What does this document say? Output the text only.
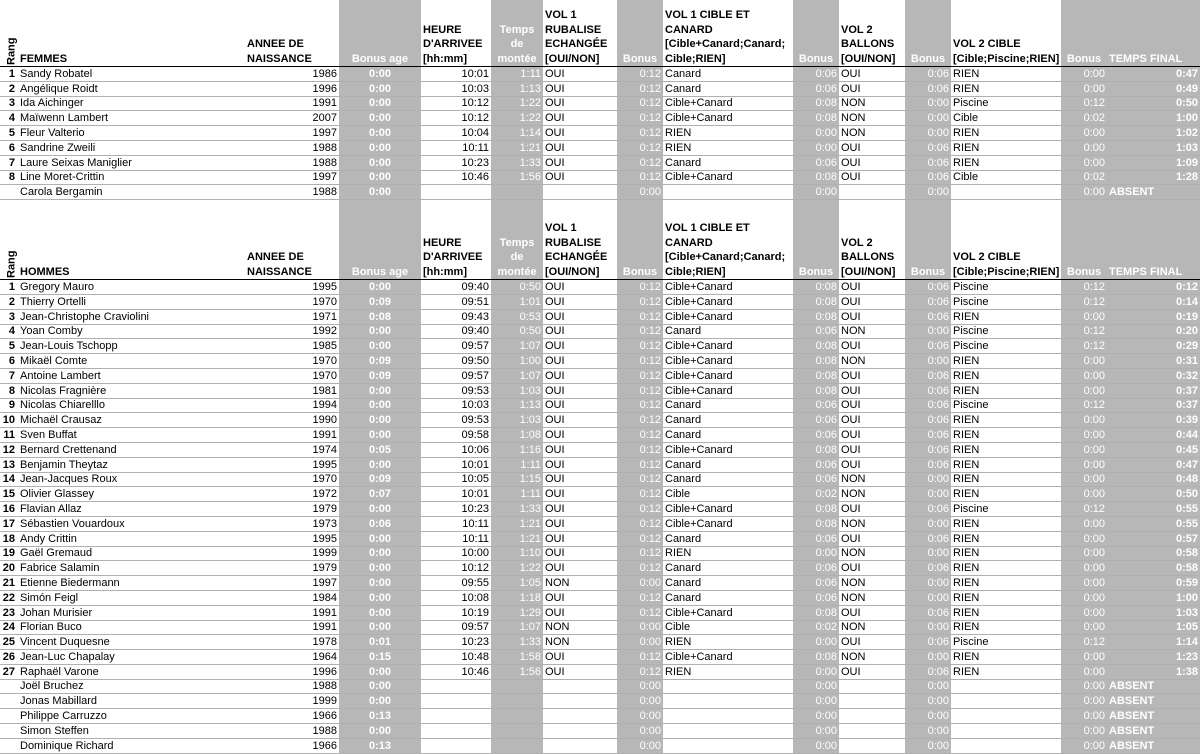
Rang	FEMMES	ANNEE DE NAISSANCE	Bonus age	HEURE D'ARRIVEE [hh:mm]	Temps de montée	VOL 1 RUBALISE ECHANGÉE [OUI/NON]	Bonus	VOL 1 CIBLE ET CANARD [Cible+Canard;Canard; Cible;RIEN]	Bonus	VOL 2 BALLONS [OUI/NON]	Bonus	VOL 2 CIBLE [Cible;Piscine;RIEN]	Bonus	TEMPS FINAL
1	Sandy Robatel	1986	0:00	10:01	1:11	OUI	0:12	Canard	0:06	OUI	0:06	RIEN	0:00	0:47
2	Angélique Roidt	1996	0:00	10:03	1:13	OUI	0:12	Canard	0:06	OUI	0:06	RIEN	0:00	0:49
3	Ida Aichinger	1991	0:00	10:12	1:22	OUI	0:12	Cible+Canard	0:08	NON	0:00	Piscine	0:12	0:50
4	Maïwenn Lambert	2007	0:00	10:12	1:22	OUI	0:12	Cible+Canard	0:08	NON	0:00	Cible	0:02	1:00
5	Fleur Valterio	1997	0:00	10:04	1:14	OUI	0:12	RIEN	0:00	NON	0:00	RIEN	0:00	1:02
6	Sandrine Zweili	1988	0:00	10:11	1:21	OUI	0:12	RIEN	0:00	OUI	0:06	RIEN	0:00	1:03
7	Laure Seixas Maniglier	1988	0:00	10:23	1:33	OUI	0:12	Canard	0:06	OUI	0:06	RIEN	0:00	1:09
8	Line Moret-Crittin	1997	0:00	10:46	1:56	OUI	0:12	Cible+Canard	0:08	OUI	0:06	Cible	0:02	1:28
	Carola Bergamin	1988	0:00				0:00		0:00		0:00		0:00	ABSENT

Rang	HOMMES	ANNEE DE NAISSANCE	Bonus age	HEURE D'ARRIVEE [hh:mm]	Temps de montée	VOL 1 RUBALISE ECHANGÉE [OUI/NON]	Bonus	VOL 1 CIBLE ET CANARD [Cible+Canard;Canard; Cible;RIEN]	Bonus	VOL 2 BALLONS [OUI/NON]	Bonus	VOL 2 CIBLE [Cible;Piscine;RIEN]	Bonus	TEMPS FINAL
1	Gregory Mauro	1995	0:00	09:40	0:50	OUI	0:12	Cible+Canard	0:08	OUI	0:06	Piscine	0:12	0:12
2	Thierry Ortelli	1970	0:09	09:51	1:01	OUI	0:12	Cible+Canard	0:08	OUI	0:06	Piscine	0:12	0:14
3	Jean-Christophe Craviolini	1971	0:08	09:43	0:53	OUI	0:12	Cible+Canard	0:08	OUI	0:06	RIEN	0:00	0:19
4	Yoan Comby	1992	0:00	09:40	0:50	OUI	0:12	Canard	0:06	NON	0:00	Piscine	0:12	0:20
5	Jean-Louis Tschopp	1985	0:00	09:57	1:07	OUI	0:12	Cible+Canard	0:08	OUI	0:06	Piscine	0:12	0:29
6	Mikaël Comte	1970	0:09	09:50	1:00	OUI	0:12	Cible+Canard	0:08	NON	0:00	RIEN	0:00	0:31
7	Antoine Lambert	1970	0:09	09:57	1:07	OUI	0:12	Cible+Canard	0:08	OUI	0:06	RIEN	0:00	0:32
8	Nicolas Fragnière	1981	0:00	09:53	1:03	OUI	0:12	Cible+Canard	0:08	OUI	0:06	RIEN	0:00	0:37
9	Nicolas Chiarelllo	1994	0:00	10:03	1:13	OUI	0:12	Canard	0:06	OUI	0:06	Piscine	0:12	0:37
10	Michaël Crausaz	1990	0:00	09:53	1:03	OUI	0:12	Canard	0:06	OUI	0:06	RIEN	0:00	0:39
11	Sven Buffat	1991	0:00	09:58	1:08	OUI	0:12	Canard	0:06	OUI	0:06	RIEN	0:00	0:44
12	Bernard Crettenand	1974	0:05	10:06	1:16	OUI	0:12	Cible+Canard	0:08	OUI	0:06	RIEN	0:00	0:45
13	Benjamin Theytaz	1995	0:00	10:01	1:11	OUI	0:12	Canard	0:06	OUI	0:06	RIEN	0:00	0:47
14	Jean-Jacques Roux	1970	0:09	10:05	1:15	OUI	0:12	Canard	0:06	NON	0:00	RIEN	0:00	0:48
15	Olivier Glassey	1972	0:07	10:01	1:11	OUI	0:12	Cible	0:02	NON	0:00	RIEN	0:00	0:50
16	Flavian Allaz	1979	0:00	10:23	1:33	OUI	0:12	Cible+Canard	0:08	OUI	0:06	Piscine	0:12	0:55
17	Sébastien Vouardoux	1973	0:06	10:11	1:21	OUI	0:12	Cible+Canard	0:08	NON	0:00	RIEN	0:00	0:55
18	Andy Crittin	1995	0:00	10:11	1:21	OUI	0:12	Canard	0:06	OUI	0:06	RIEN	0:00	0:57
19	Gaël Gremaud	1999	0:00	10:00	1:10	OUI	0:12	RIEN	0:00	NON	0:00	RIEN	0:00	0:58
20	Fabrice Salamin	1979	0:00	10:12	1:22	OUI	0:12	Canard	0:06	OUI	0:06	RIEN	0:00	0:58
21	Etienne Biedermann	1997	0:00	09:55	1:05	NON	0:00	Canard	0:06	NON	0:00	RIEN	0:00	0:59
22	Simón Feigl	1984	0:00	10:08	1:18	OUI	0:12	Canard	0:06	NON	0:00	RIEN	0:00	1:00
23	Johan Murisier	1991	0:00	10:19	1:29	OUI	0:12	Cible+Canard	0:08	OUI	0:06	RIEN	0:00	1:03
24	Florian Buco	1991	0:00	09:57	1:07	NON	0:00	Cible	0:02	NON	0:00	RIEN	0:00	1:05
25	Vincent Duquesne	1978	0:01	10:23	1:33	NON	0:00	RIEN	0:00	OUI	0:06	Piscine	0:12	1:14
26	Jean-Luc Chapalay	1964	0:15	10:48	1:58	OUI	0:12	Cible+Canard	0:08	NON	0:00	RIEN	0:00	1:23
27	Raphaël Varone	1996	0:00	10:46	1:56	OUI	0:12	RIEN	0:00	OUI	0:06	RIEN	0:00	1:38
	Joël Bruchez	1988	0:00				0:00		0:00		0:00		0:00	ABSENT
	Jonas Mabillard	1999	0:00				0:00		0:00		0:00		0:00	ABSENT
	Philippe Carruzzo	1966	0:13				0:00		0:00		0:00		0:00	ABSENT
	Simon Steffen	1988	0:00				0:00		0:00		0:00		0:00	ABSENT
	Dominique Richard	1966	0:13				0:00		0:00		0:00		0:00	ABSENT
